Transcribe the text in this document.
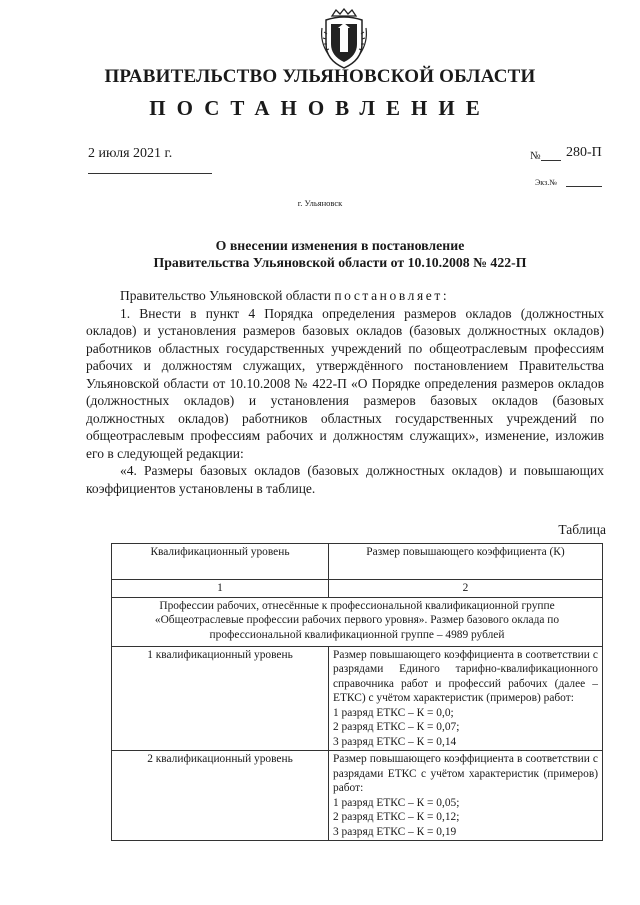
ПРАВИТЕЛЬСТВО УЛЬЯНОВСКОЙ ОБЛАСТИ
ПОСТАНОВЛЕНИЕ
2 июля 2021 г.	№ 280-П
Экз.№
г. Ульяновск
О внесении изменения в постановление
Правительства Ульяновской области от 10.10.2008 № 422-П

Правительство Ульяновской области постановляет:

1. Внести в пункт 4 Порядка определения размеров окладов (должностных окладов) и установления размеров базовых окладов (базовых должностных окладов) работников областных государственных учреждений по общеотраслевым профессиям рабочих и должностям служащих, утверждённого постановлением Правительства Ульяновской области от 10.10.2008 № 422-П «О Порядке определения размеров окладов (должностных окладов) и установления размеров базовых окладов (базовых должностных окладов) работников областных государственных учреждений по общеотраслевым профессиям рабочих и должностям служащих», изменение, изложив его в следующей редакции:

«4. Размеры базовых окладов (базовых должностных окладов) и повышающих коэффициентов установлены в таблице.

Таблица
Квалификационный уровень	Размер повышающего коэффициента (К)
1	2
Профессии рабочих, отнесённые к профессиональной квалификационной группе «Общеотраслевые профессии рабочих первого уровня». Размер базового оклада по профессиональной квалификационной группе – 4989 рублей	
1 квалификационный уровень	Размер повышающего коэффициента в соответствии с разрядами Единого тарифно-квалификационного справочника работ и профессий рабочих (далее – ЕТКС) с учётом характеристик (примеров) работ:
1 разряд ЕТКС – К = 0,0;
2 разряд ЕТКС – К = 0,07;
3 разряд ЕТКС – К = 0,14

2 квалификационный уровень	Размер повышающего коэффициента в соответствии с разрядами ЕТКС с учётом характеристик (примеров) работ:
1 разряд ЕТКС – К = 0,05;
2 разряд ЕТКС – К = 0,12;
3 разряд ЕТКС – К = 0,19
